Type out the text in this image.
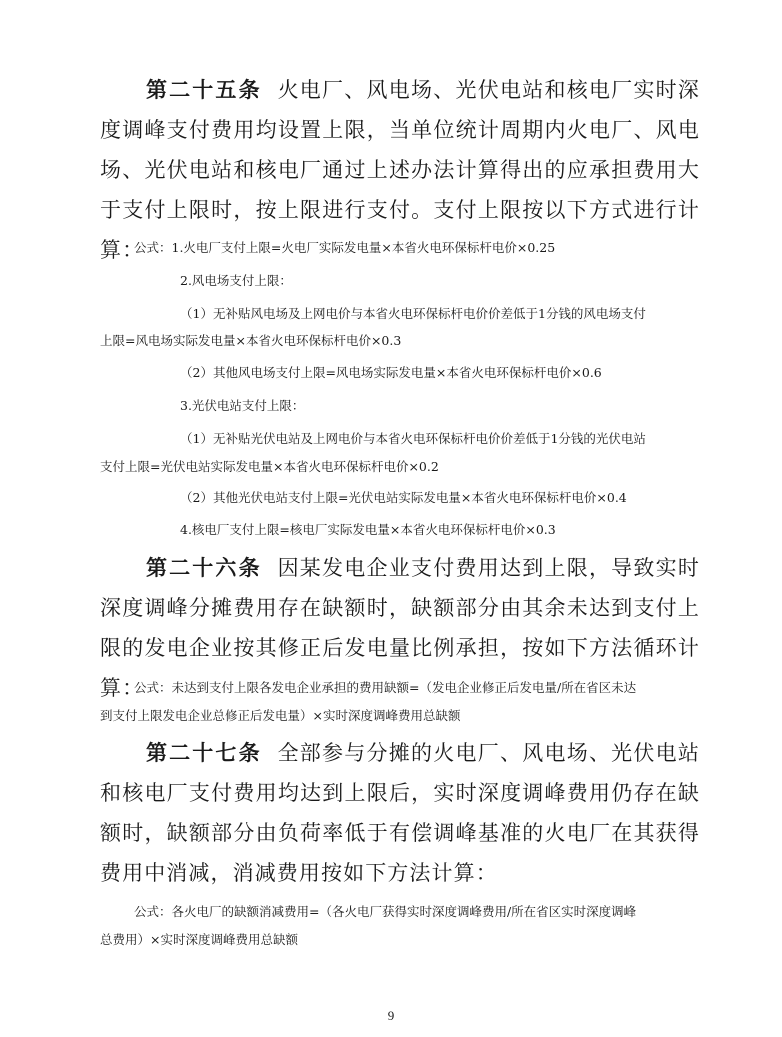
第二十五条 火电厂、风电场、光伏电站和核电厂实时深度调峰支付费用均设置上限，当单位统计周期内火电厂、风电场、光伏电站和核电厂通过上述办法计算得出的应承担费用大于支付上限时，按上限进行支付。支付上限按以下方式进行计算：

公式：1.火电厂支付上限=火电厂实际发电量×本省火电环保标杆电价×0.25

2.风电场支付上限：

（1）无补贴风电场及上网电价与本省火电环保标杆电价价差低于1分钱的风电场支付

上限=风电场实际发电量×本省火电环保标杆电价×0.3

（2）其他风电场支付上限=风电场实际发电量×本省火电环保标杆电价×0.6

3.光伏电站支付上限：

（1）无补贴光伏电站及上网电价与本省火电环保标杆电价价差低于1分钱的光伏电站

支付上限=光伏电站实际发电量×本省火电环保标杆电价×0.2

（2）其他光伏电站支付上限=光伏电站实际发电量×本省火电环保标杆电价×0.4

4.核电厂支付上限=核电厂实际发电量×本省火电环保标杆电价×0.3

第二十六条 因某发电企业支付费用达到上限，导致实时深度调峰分摊费用存在缺额时，缺额部分由其余未达到支付上限的发电企业按其修正后发电量比例承担，按如下方法循环计算：

公式：未达到支付上限各发电企业承担的费用缺额=（发电企业修正后发电量/所在省区未达

到支付上限发电企业总修正后发电量）×实时深度调峰费用总缺额

第二十七条 全部参与分摊的火电厂、风电场、光伏电站和核电厂支付费用均达到上限后，实时深度调峰费用仍存在缺额时，缺额部分由负荷率低于有偿调峰基准的火电厂在其获得费用中消减，消减费用按如下方法计算：

公式：各火电厂的缺额消减费用=（各火电厂获得实时深度调峰费用/所在省区实时深度调峰

总费用）×实时深度调峰费用总缺额

9
